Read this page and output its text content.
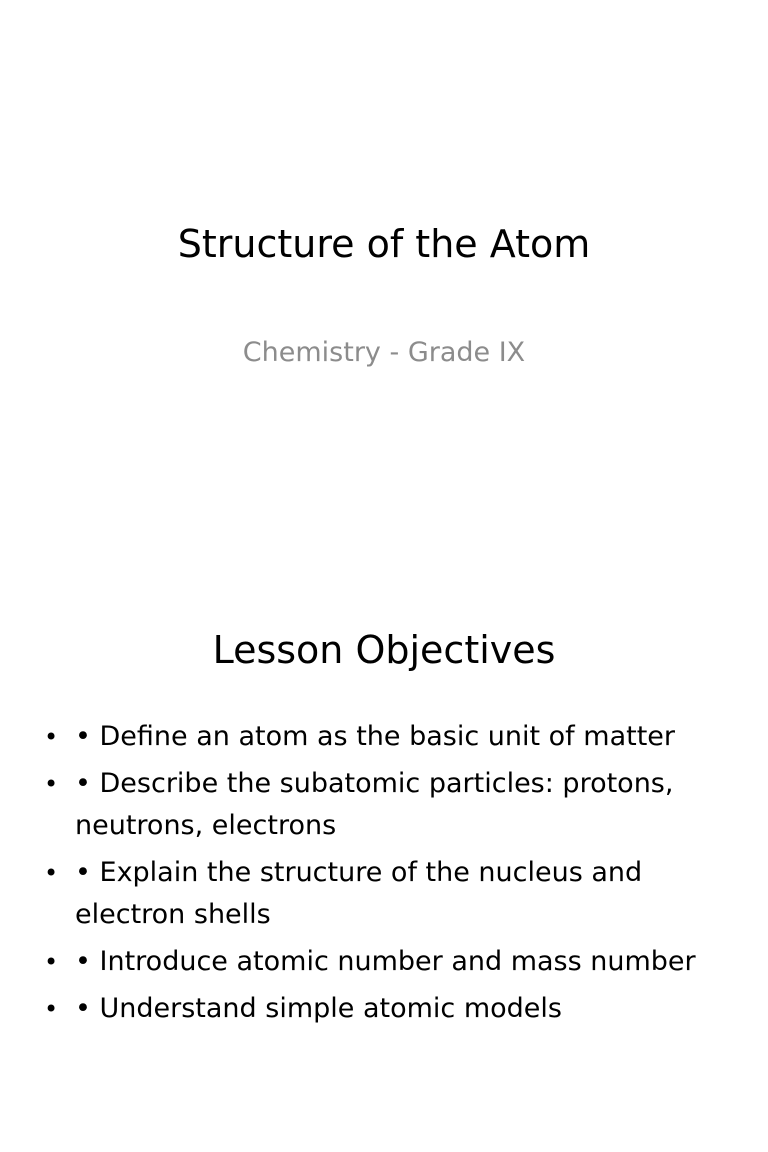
Structure of the Atom
Chemistry - Grade IX
Lesson Objectives
• • Define an atom as the basic unit of matter
• • Describe the subatomic particles: protons, neutrons, electrons
• • Explain the structure of the nucleus and electron shells
• • Introduce atomic number and mass number
• • Understand simple atomic models
